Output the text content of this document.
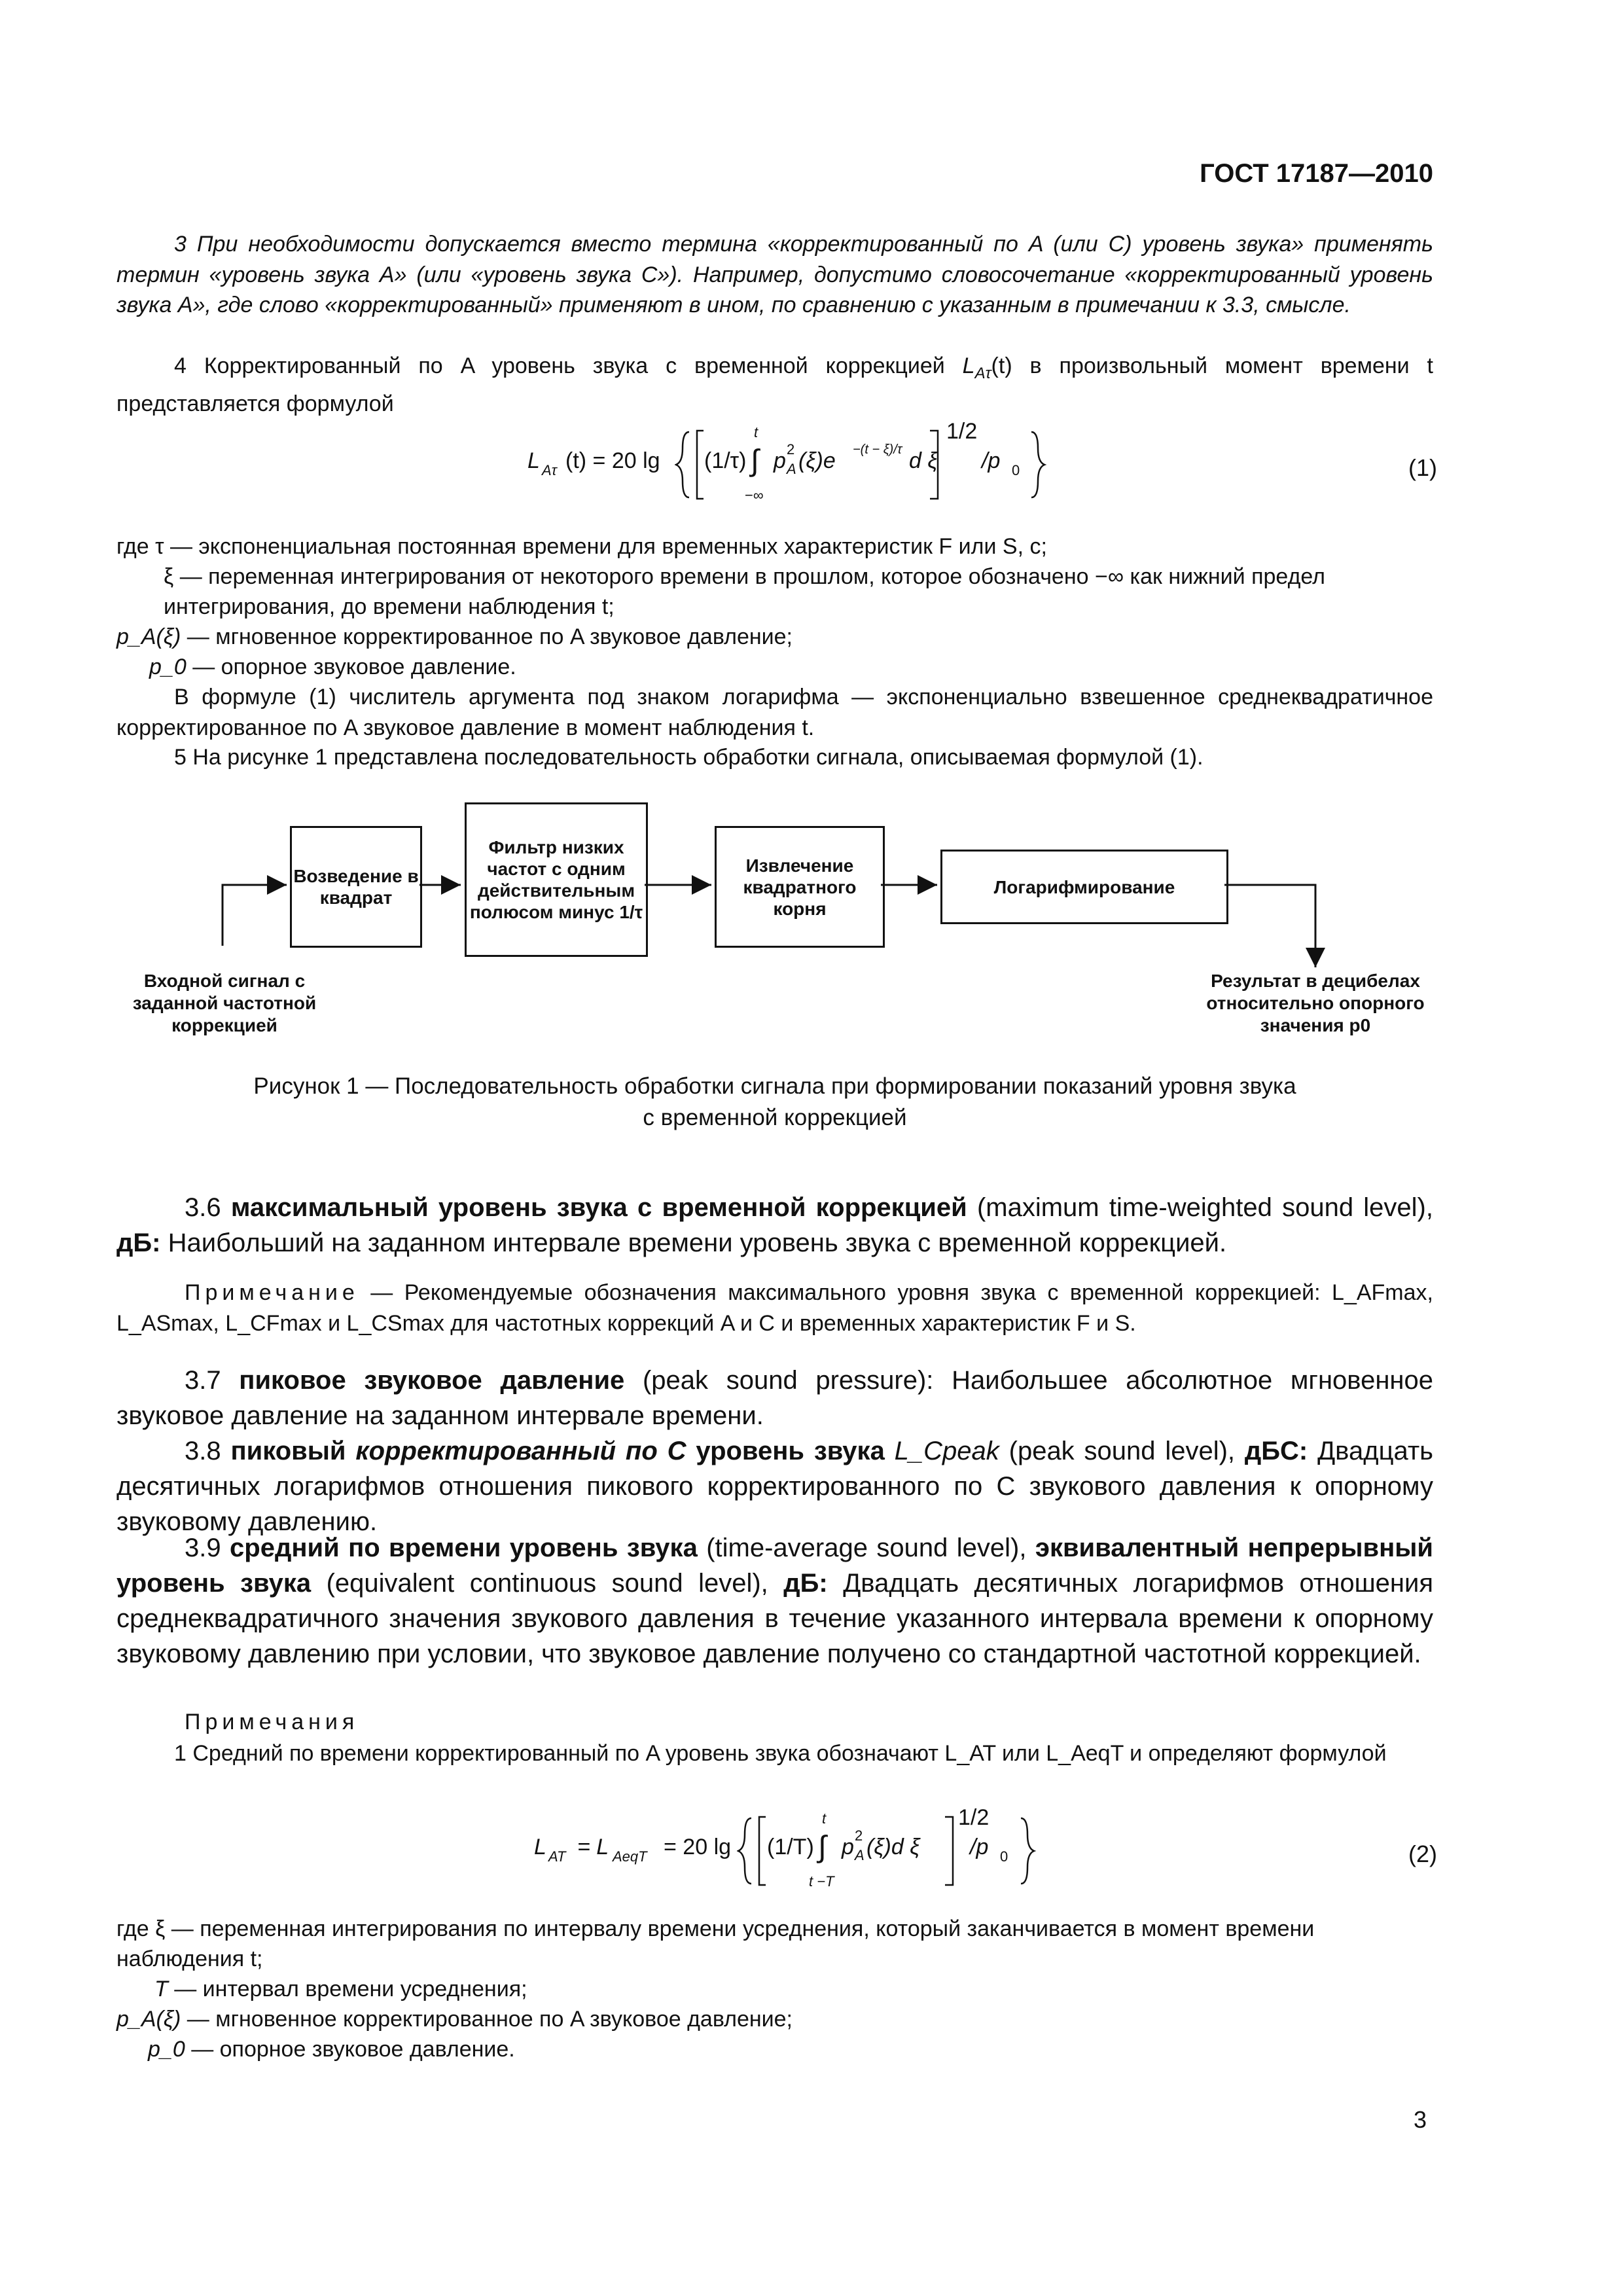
ГОСТ 17187—2010
3 При необходимости допускается вместо термина «корректированный по A (или C) уровень звука» применять термин «уровень звука A» (или «уровень звука C»). Например, допустимо словосочетание «корректированный уровень звука A», где слово «корректированный» применяют в ином, по сравнению с указанным в примечании к 3.3, смысле.
4 Корректированный по A уровень звука с временной коррекцией $L_{A\tau}(t)$ в произвольный момент времени t представляется формулой
L Aτ (t) = 20 lg (1/τ)
t
∫
−∞
p 2
A (ξ)e −(t − ξ)/τ d ξ
1/2
/p 0	(1)
где τ — экспоненциальная постоянная времени для временных характеристик F или S, c;
ξ — переменная интегрирования от некоторого времени в прошлом, которое обозначено −∞ как нижний предел интегрирования, до времени наблюдения t;
p_A(ξ) — мгновенное корректированное по A звуковое давление;
p_0 — опорное звуковое давление.
В формуле (1) числитель аргумента под знаком логарифма — экспоненциально взвешенное среднеквадратичное корректированное по A звуковое давление в момент наблюдения t.
5 На рисунке 1 представлена последовательность обработки сигнала, описываемая формулой (1).
Возведение в квадрат
Фильтр низких частот с одним действительным полюсом минус 1/τ
Извлечение квадратного корня
Логарифмирование
Входной сигнал с заданной частотной коррекцией
Результат в децибелах относительно опорного значения p0
Рисунок 1 — Последовательность обработки сигнала при формировании показаний уровня звука
с временной коррекцией
3.6 максимальный уровень звука с временной коррекцией (maximum time-weighted sound level), дБ: Наибольший на заданном интервале времени уровень звука с временной коррекцией.
Примечание — Рекомендуемые обозначения максимального уровня звука с временной коррекцией: L_AFmax, L_ASmax, L_CFmax и L_CSmax для частотных коррекций A и C и временных характеристик F и S.
3.7 пиковое звуковое давление (peak sound pressure): Наибольшее абсолютное мгновенное звуковое давление на заданном интервале времени.
3.8 пиковый корректированный по C уровень звука L_Cpeak (peak sound level), дБC: Двадцать десятичных логарифмов отношения пикового корректированного по C звукового давления к опорному звуковому давлению.
3.9 средний по времени уровень звука (time-average sound level), эквивалентный непрерывный уровень звука (equivalent continuous sound level), дБ: Двадцать десятичных логарифмов отношения среднеквадратичного значения звукового давления в течение указанного интервала времени к опорному звуковому давлению при условии, что звуковое давление получено со стандартной частотной коррекцией.
Примечания
1 Средний по времени корректированный по A уровень звука обозначают L_AT или L_AeqT и определяют формулой
L AT = L AeqT = 20 lg (1/T)
t
∫
t −T
p 2
A (ξ)d ξ
1/2
/p 0	(2)
где ξ — переменная интегрирования по интервалу времени усреднения, который заканчивается в момент времени наблюдения t;
T — интервал времени усреднения;
p_A(ξ) — мгновенное корректированное по A звуковое давление;
p_0 — опорное звуковое давление.
3
